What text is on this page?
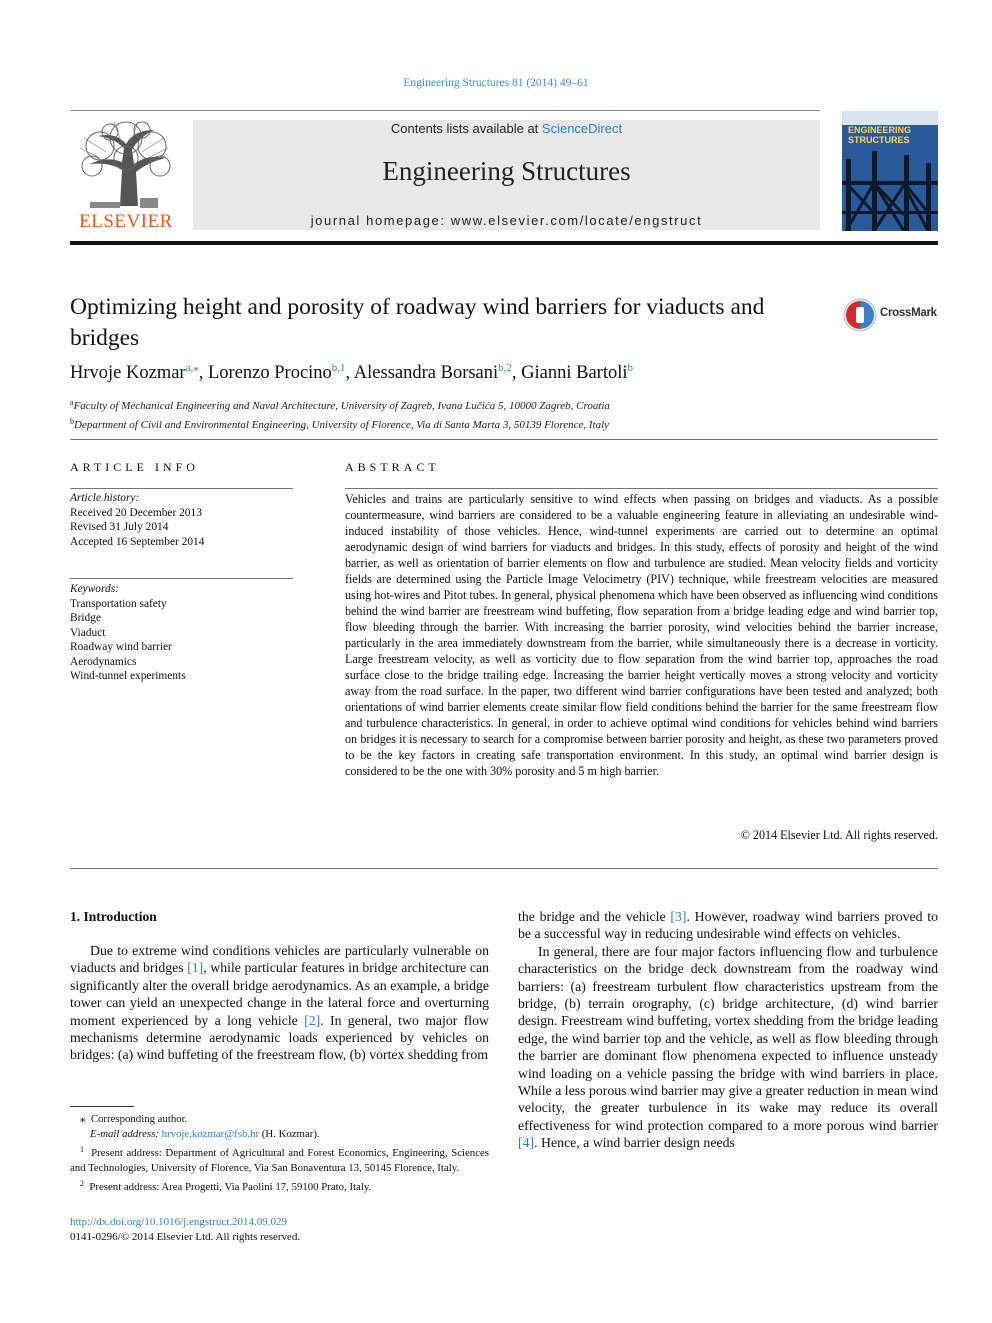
Engineering Structures 81 (2014) 49–61
ELSEVIER
Contents lists available at ScienceDirect
Engineering Structures
journal homepage: www.elsevier.com/locate/engstruct
ENGINEERING
STRUCTURES
Optimizing height and porosity of roadway wind barriers for viaducts and bridges
CrossMark
Hrvoje Kozmar$^{a,⁎}$, Lorenzo Procino$^{b,1}$, Alessandra Borsani$^{b,2}$, Gianni Bartoli$^b$
$^a$Faculty of Mechanical Engineering and Naval Architecture, University of Zagreb, Ivana Lučića 5, 10000 Zagreb, Croatia
$^b$Department of Civil and Environmental Engineering, University of Florence, Via di Santa Marta 3, 50139 Florence, Italy
ARTICLE INFO	ABSTRACT
Article history:
Received 20 December 2013
Revised 31 July 2014
Accepted 16 September 2014
Keywords:
Transportation safety
Bridge
Viaduct
Roadway wind barrier
Aerodynamics
Wind-tunnel experiments
Vehicles and trains are particularly sensitive to wind effects when passing on bridges and viaducts. As a possible countermeasure, wind barriers are considered to be a valuable engineering feature in alleviating an undesirable wind-induced instability of those vehicles. Hence, wind-tunnel experiments are carried out to determine an optimal aerodynamic design of wind barriers for viaducts and bridges. In this study, effects of porosity and height of the wind barrier, as well as orientation of barrier elements on flow and turbulence are studied. Mean velocity fields and vorticity fields are determined using the Particle Image Velocimetry (PIV) technique, while freestream velocities are measured using hot-wires and Pitot tubes. In general, physical phenomena which have been observed as influencing wind conditions behind the wind barrier are freestream wind buffeting, flow separation from a bridge leading edge and wind barrier top, flow bleeding through the barrier. With increasing the barrier porosity, wind velocities behind the barrier increase, particularly in the area immediately downstream from the barrier, while simultaneously there is a decrease in vorticity. Large freestream velocity, as well as vorticity due to flow separation from the wind barrier top, approaches the road surface close to the bridge trailing edge. Increasing the barrier height vertically moves a strong velocity and vorticity away from the road surface. In the paper, two different wind barrier configurations have been tested and analyzed; both orientations of wind barrier elements create similar flow field conditions behind the barrier for the same freestream flow and turbulence characteristics. In general, in order to achieve optimal wind conditions for vehicles behind wind barriers on bridges it is necessary to search for a compromise between barrier porosity and height, as these two parameters proved to be the key factors in creating safe transportation environment. In this study, an optimal wind barrier design is considered to be the one with 30% porosity and 5 m high barrier.
© 2014 Elsevier Ltd. All rights reserved.
1. Introduction

Due to extreme wind conditions vehicles are particularly vulnerable on viaducts and bridges [1], while particular features in bridge architecture can significantly alter the overall bridge aerodynamics. As an example, a bridge tower can yield an unexpected change in the lateral force and overturning moment experienced by a long vehicle [2]. In general, two major flow mechanisms determine aerodynamic loads experienced by vehicles on bridges: (a) wind buffeting of the freestream flow, (b) vortex shedding from

the bridge and the vehicle [3]. However, roadway wind barriers proved to be a successful way in reducing undesirable wind effects on vehicles.

In general, there are four major factors influencing flow and turbulence characteristics on the bridge deck downstream from the roadway wind barriers: (a) freestream turbulent flow characteristics upstream from the bridge, (b) terrain orography, (c) bridge architecture, (d) wind barrier design. Freestream wind buffeting, vortex shedding from the bridge leading edge, the wind barrier top and the vehicle, as well as flow bleeding through the barrier are dominant flow phenomena expected to influence unsteady wind loading on a vehicle passing the bridge with wind barriers in place. While a less porous wind barrier may give a greater reduction in mean wind velocity, the greater turbulence in its wake may reduce its overall effectiveness for wind protection compared to a more porous wind barrier [4]. Hence, a wind barrier design needs

⁎ Corresponding author.
E-mail address: hrvoje.kozmar@fsb.hr (H. Kozmar).
$^1$ Present address: Department of Agricultural and Forest Economics, Engineering, Sciences and Technologies, University of Florence, Via San Bonaventura 13, 50145 Florence, Italy.
$^2$ Present address: Area Progetti, Via Paolini 17, 59100 Prato, Italy.
http://dx.doi.org/10.1016/j.engstruct.2014.09.029
0141-0296/© 2014 Elsevier Ltd. All rights reserved.
